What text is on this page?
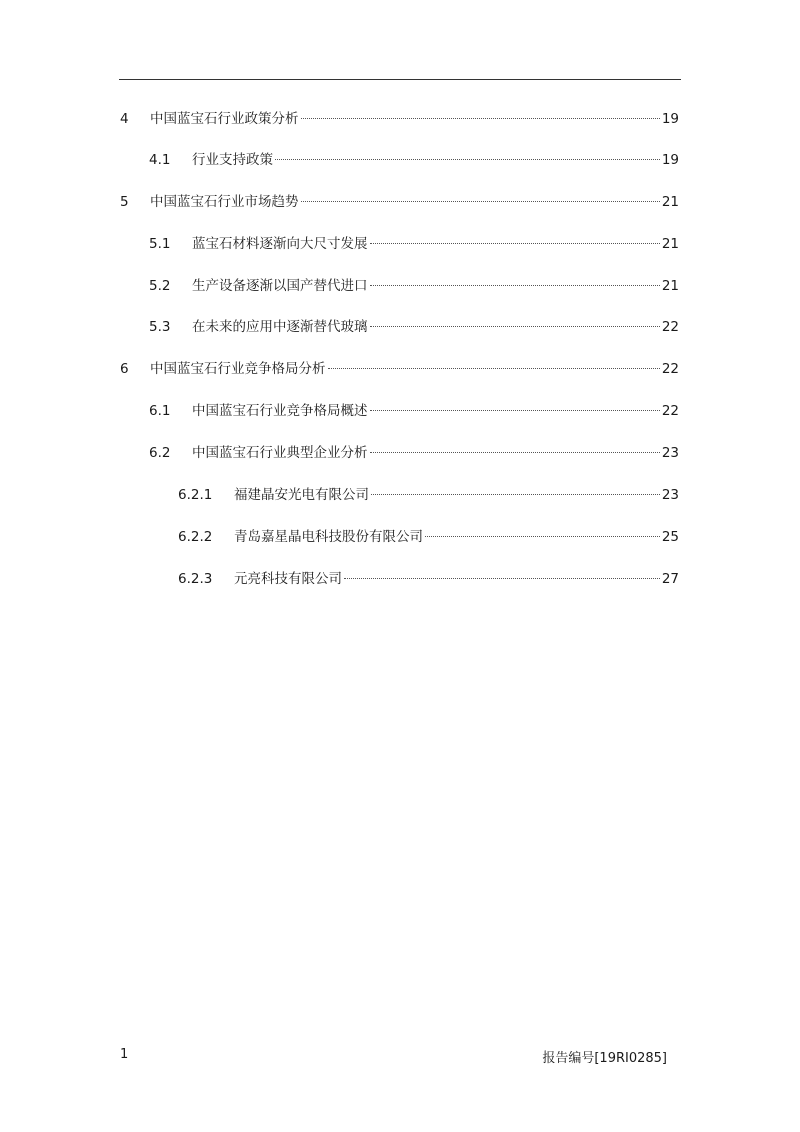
4	中国蓝宝石行业政策分析	19
4.1	行业支持政策	19
5	中国蓝宝石行业市场趋势	21
5.1	蓝宝石材料逐渐向大尺寸发展	21
5.2	生产设备逐渐以国产替代进口	21
5.3	在未来的应用中逐渐替代玻璃	22
6	中国蓝宝石行业竞争格局分析	22
6.1	中国蓝宝石行业竞争格局概述	22
6.2	中国蓝宝石行业典型企业分析	23
6.2.1	福建晶安光电有限公司	23
6.2.2	青岛嘉星晶电科技股份有限公司	25
6.2.3	元亮科技有限公司	27
1	报告编号[19RI0285]
